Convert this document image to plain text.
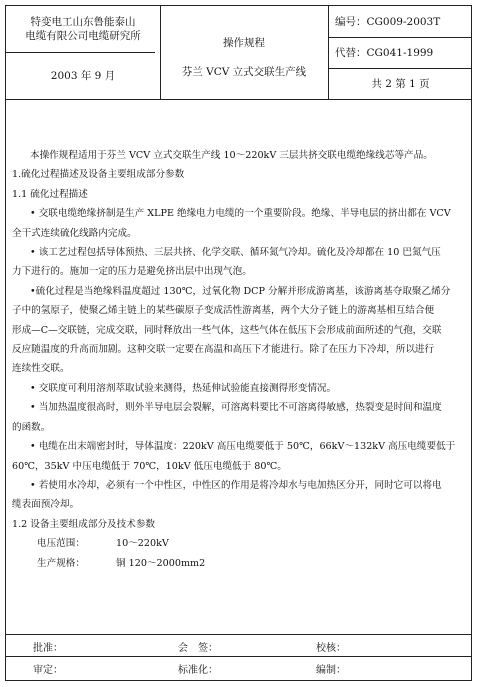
特变电工山东鲁能泰山
电缆有限公司电缆研究所
2003 年 9 月
操作规程
芬兰 VCV 立式交联生产线
编号：CG009-2003T
代替：CG041-1999
共 2 第 1 页

本操作规程适用于芬兰 VCV 立式交联生产线 10～220kV 三层共挤交联电缆绝缘线芯等产品。

1.硫化过程描述及设备主要组成部分参数

1.1 硫化过程描述

• 交联电缆绝缘挤制是生产 XLPE 绝缘电力电缆的一个重要阶段。绝缘、半导电层的挤出都在 VCV

全干式连续硫化线路内完成。

• 该工艺过程包括导体预热、三层共挤、化学交联、循环氮气冷却。硫化及冷却都在 10 巴氮气压

力下进行的。施加一定的压力是避免挤出层中出现气泡。

•硫化过程是当绝缘料温度超过 130℃，过氧化物 DCP 分解并形成游离基，该游离基夺取聚乙烯分

子中的氢原子，使聚乙烯主链上的某些碳原子变成活性游离基，两个大分子链上的游离基相互结合便

形成—C—交联链，完成交联，同时释放出一些气体，这些气体在低压下会形成前面所述的气孢，交联

反应随温度的升高而加剧。这种交联一定要在高温和高压下才能进行。除了在压力下冷却，所以进行

连续性交联。

• 交联度可利用溶剂萃取试验来测得，热延伸试验能直接测得形变情况。

• 当加热温度很高时，则外半导电层会裂解，可溶离料要比不可溶离得敏感，热裂变是时间和温度

的函数。

• 电缆在出末端密封时，导体温度：220kV 高压电缆要低于 50℃，66kV～132kV 高压电缆要低于

60℃，35kV 中压电缆低于 70℃，10kV 低压电缆低于 80℃。

• 若使用水冷却，必须有一个中性区，中性区的作用是将冷却水与电加热区分开，同时它可以将电

缆表面预冷却。

1.2 设备主要组成部分及技术参数

电压范围：	10～220kV
生产规格：	铜 120～2000mm2
批准：	会　签：	校核：
审定：	标准化：	编制：
